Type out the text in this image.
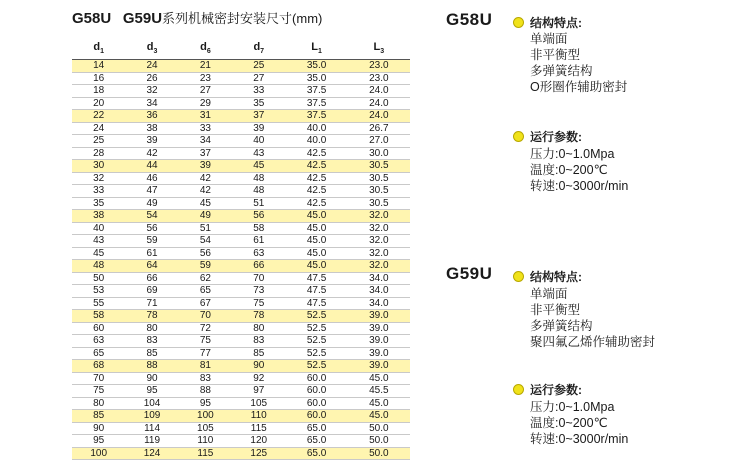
G58U G59U系列机械密封安装尺寸(mm)
$d_1$	$d_3$	$d_6$	$d_7$	$L_1$	$L_3$
14	24	21	25	35.0	23.0
16	26	23	27	35.0	23.0
18	32	27	33	37.5	24.0
20	34	29	35	37.5	24.0
22	36	31	37	37.5	24.0
24	38	33	39	40.0	26.7
25	39	34	40	40.0	27.0
28	42	37	43	42.5	30.0
30	44	39	45	42.5	30.5
32	46	42	48	42.5	30.5
33	47	42	48	42.5	30.5
35	49	45	51	42.5	30.5
38	54	49	56	45.0	32.0
40	56	51	58	45.0	32.0
43	59	54	61	45.0	32.0
45	61	56	63	45.0	32.0
48	64	59	66	45.0	32.0
50	66	62	70	47.5	34.0
53	69	65	73	47.5	34.0
55	71	67	75	47.5	34.0
58	78	70	78	52.5	39.0
60	80	72	80	52.5	39.0
63	83	75	83	52.5	39.0
65	85	77	85	52.5	39.0
68	88	81	90	52.5	39.0
70	90	83	92	60.0	45.0
75	95	88	97	60.0	45.5
80	104	95	105	60.0	45.0
85	109	100	110	60.0	45.0
90	114	105	115	65.0	50.0
95	119	110	120	65.0	50.0
100	124	115	125	65.0	50.0
G58U	结构特点:
单端面
非平衡型
多弹簧结构
O形圈作辅助密封
运行参数:
压力:0~1.0Mpa
温度:0~200℃
转速:0~3000r/min
G59U	结构特点:
单端面
非平衡型
多弹簧结构
聚四氟乙烯作辅助密封
运行参数:
压力:0~1.0Mpa
温度:0~200℃
转速:0~3000r/min
